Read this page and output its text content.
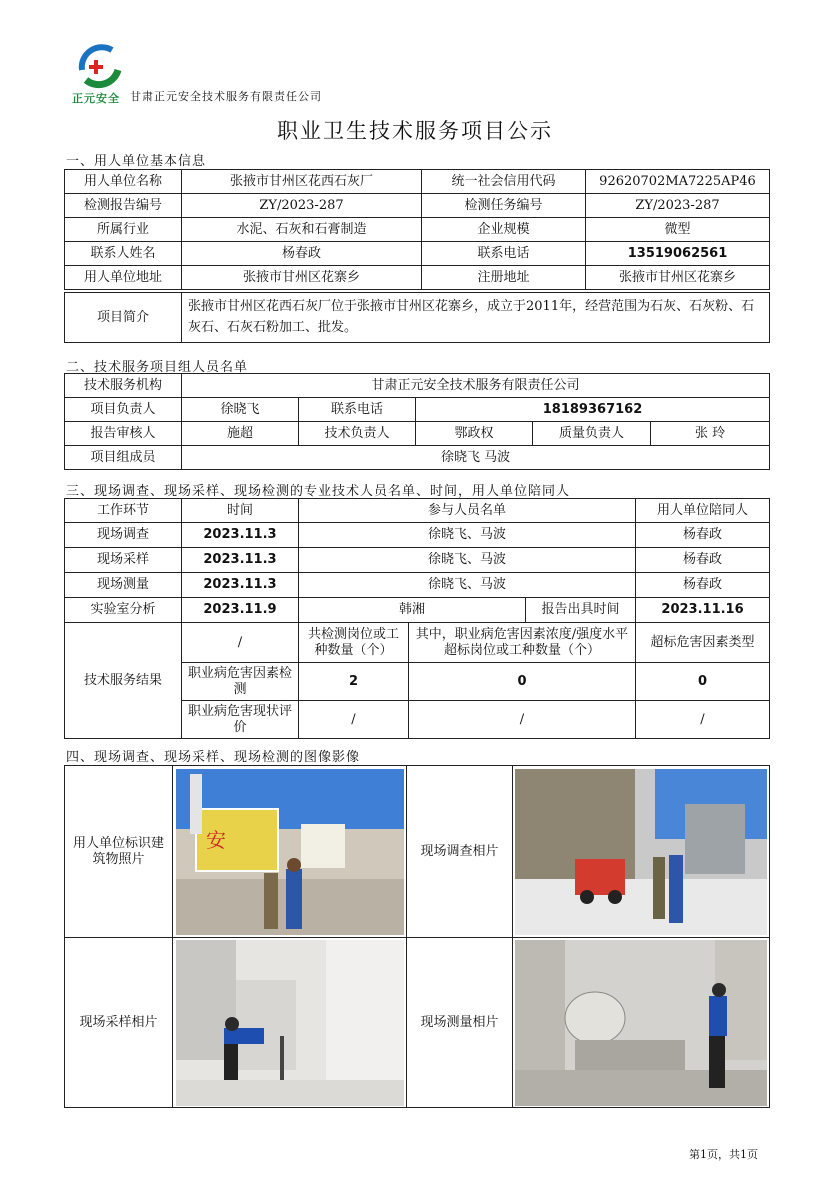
正元安全 甘肃正元安全技术服务有限责任公司
职业卫生技术服务项目公示
一、用人单位基本信息
用人单位名称	张掖市甘州区花西石灰厂	统一社会信用代码	92620702MA7225AP46
检测报告编号	ZY/2023-287	检测任务编号	ZY/2023-287
所属行业	水泥、石灰和石膏制造	企业规模	微型
联系人姓名	杨春政	联系电话	13519062561
用人单位地址	张掖市甘州区花寨乡	注册地址	张掖市甘州区花寨乡
项目简介	张掖市甘州区花西石灰厂位于张掖市甘州区花寨乡，成立于2011年，经营范围为石灰、石灰粉、石灰石、石灰石粉加工、批发。
二、技术服务项目组人员名单
技术服务机构	甘肃正元安全技术服务有限责任公司				
项目负责人	徐晓飞	联系电话	18189367162		
报告审核人	施超	技术负责人	鄂政权	质量负责人	张 玲
项目组成员	徐晓飞 马波				
三、现场调查、现场采样、现场检测的专业技术人员名单、时间，用人单位陪同人
工作环节	时间	参与人员名单		用人单位陪同人
现场调查	2023.11.3	徐晓飞、马波		杨春政
现场采样	2023.11.3	徐晓飞、马波		杨春政
现场测量	2023.11.3	徐晓飞、马波		杨春政
实验室分析	2023.11.9	韩湘	报告出具时间	2023.11.16
技术服务结果	/	共检测岗位或工种数量（个）	其中，职业病危害因素浓度/强度水平超标岗位或工种数量（个）	超标危害因素类型
	职业病危害因素检测	2	0	0
	职业病危害现状评价	/	/	/
四、现场调查、现场采样、现场检测的图像影像
用人单位标识建筑物照片	安	现场调查相片	

现场采样相片		现场测量相片	
第1页，共1页
